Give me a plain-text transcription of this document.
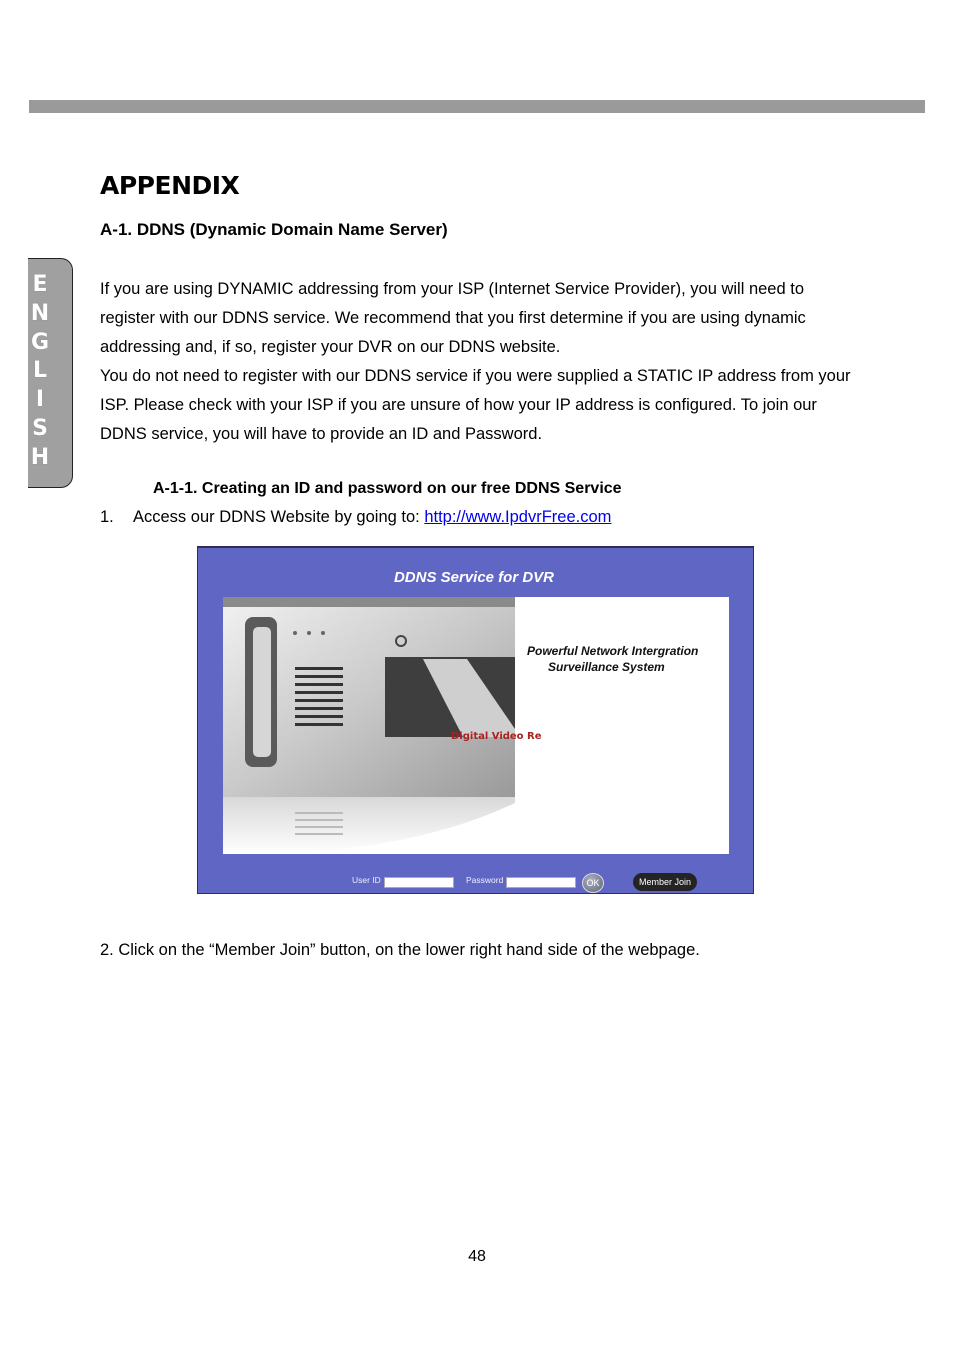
E
N
G
L
I
S
H
APPENDIX
A-1. DDNS (Dynamic Domain Name Server)

If you are using DYNAMIC addressing from your ISP (Internet Service Provider), you will need to register with our DDNS service. We recommend that you first determine if you are using dynamic addressing and, if so, register your DVR on our DDNS website.

You do not need to register with our DDNS service if you were supplied a STATIC IP address from your ISP. Please check with your ISP if you are unsure of how your IP address is configured. To join our DDNS service, you will have to provide an ID and Password.

A-1-1. Creating an ID and password on our free DDNS Service
1. Access our DDNS Website by going to: http://www.IpdvrFree.com
DDNS Service for DVR
Digital Video Re
Powerful Network Intergration
Surveillance System
User ID	Password	OK	Member Join
2. Click on the “Member Join” button, on the lower right hand side of the webpage.
48
